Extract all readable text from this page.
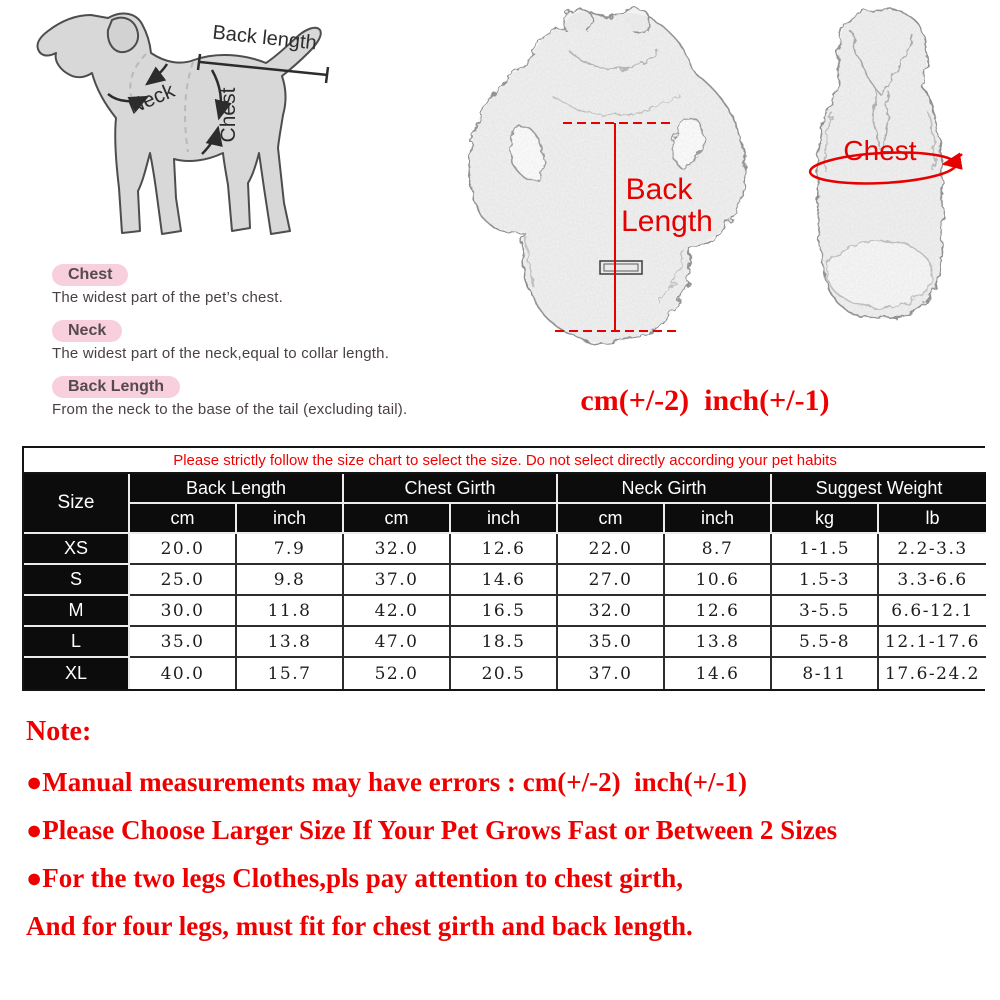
Back length
Neck Chest
Chest
The widest part of the pet’s chest.
Neck
The widest part of the neck,equal to collar length.
Back Length
From the neck to the base of the tail (excluding tail).
Back
Length
Chest
cm(+/-2)  inch(+/-1)
Please strictly follow the size chart to select the size. Do not select directly according your pet habits								
Size	Back Length		Chest Girth		Neck Girth		Suggest Weight	
	cm	inch	cm	inch	cm	inch	kg	lb
XS	20.0	7.9	32.0	12.6	22.0	8.7	1-1.5	2.2-3.3
S	25.0	9.8	37.0	14.6	27.0	10.6	1.5-3	3.3-6.6
M	30.0	11.8	42.0	16.5	32.0	12.6	3-5.5	6.6-12.1
L	35.0	13.8	47.0	18.5	35.0	13.8	5.5-8	12.1-17.6
XL	40.0	15.7	52.0	20.5	37.0	14.6	8-11	17.6-24.2
Note:
●Manual measurements may have errors : cm(+/-2)  inch(+/-1)
●Please Choose Larger Size If Your Pet Grows Fast or Between 2 Sizes
●For the two legs Clothes,pls pay attention to chest girth,
And for four legs, must fit for chest girth and back length.
